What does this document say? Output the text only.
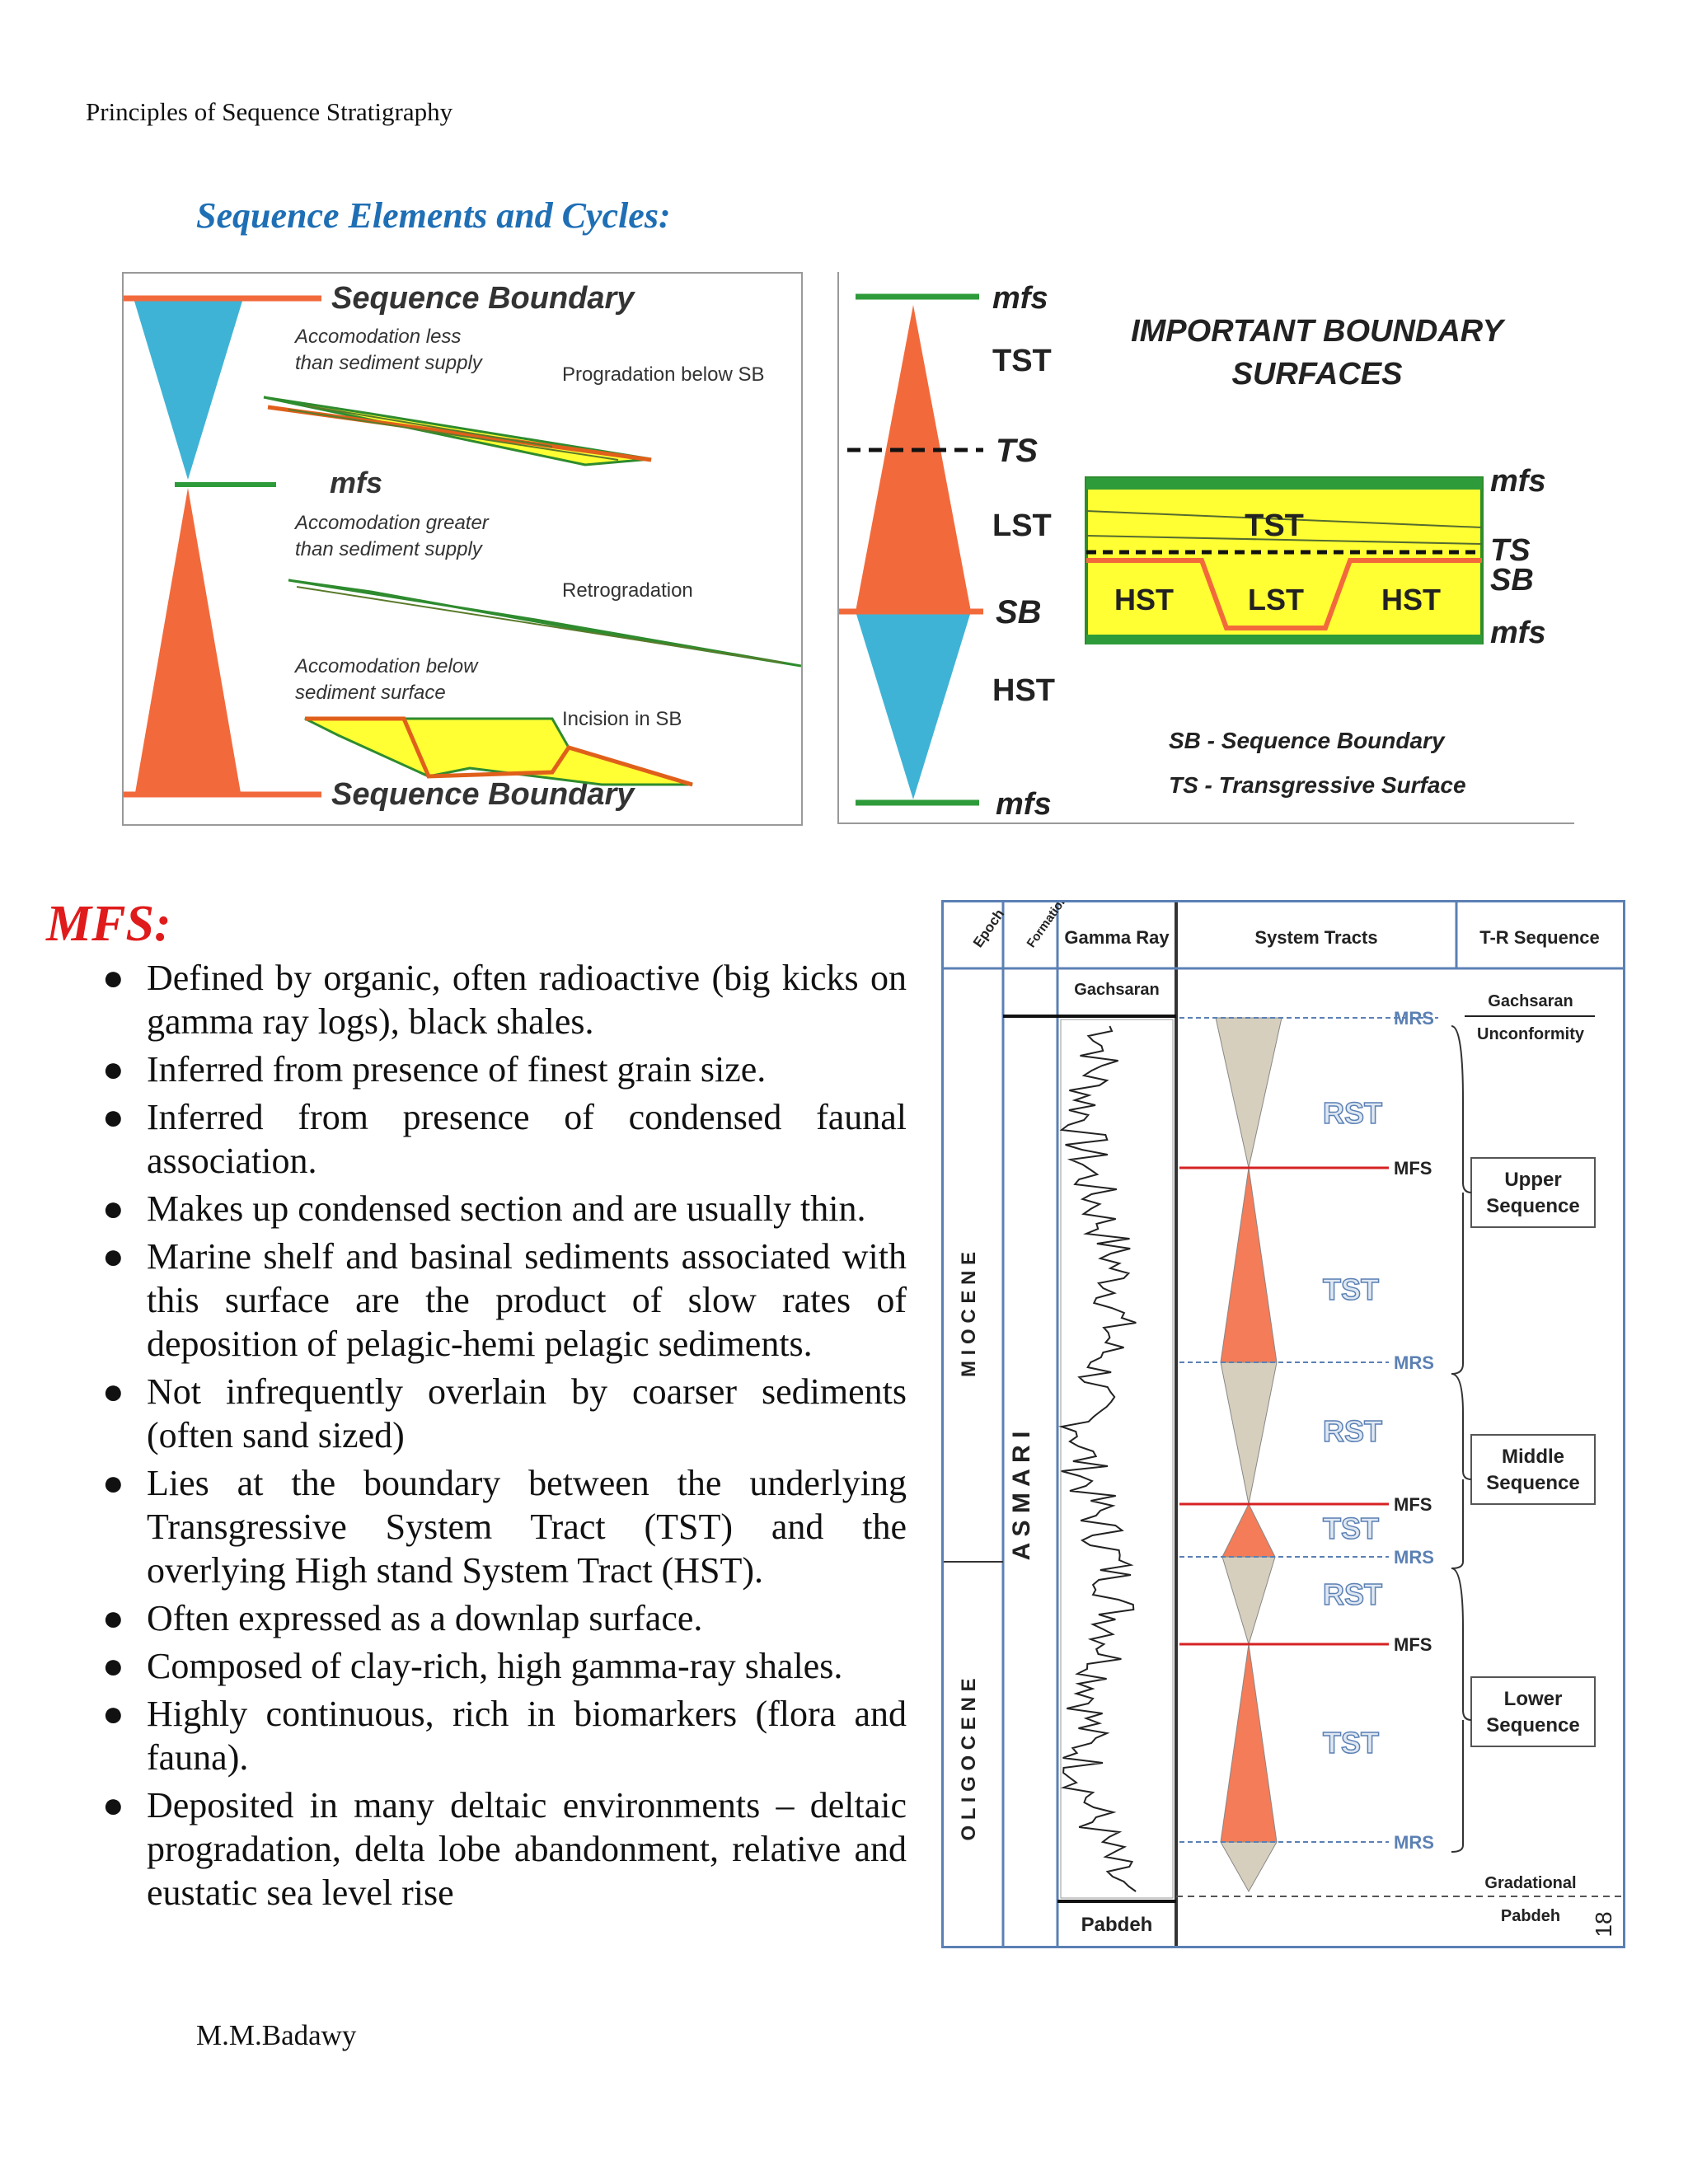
Principles of Sequence Stratigraphy
Sequence Elements and Cycles:
Sequence Boundary
mfs
Sequence Boundary
Accomodation less
than sediment supply
Progradation below SB
Accomodation greater
than sediment supply
Retrogradation
Accomodation below
sediment surface
Incision in SB
mfs
TST
TS
LST
SB
HST
mfs
IMPORTANT BOUNDARY
SURFACES
TST
HST	LST	HST
mfs
TS
SB
mfs
SB - Sequence Boundary
TS - Transgressive Surface
MFS:
● Defined by organic, often radioactive (big kicks on gamma ray logs), black shales.
● Inferred from presence of finest grain size.
● Inferred from presence of condensed faunal association.
● Makes up condensed section and are usually thin.
● Marine shelf and basinal sediments associated with this surface are the product of slow rates of deposition of pelagic-hemi pelagic sediments.
● Not infrequently overlain by coarser sediments (often sand sized)
● Lies at the boundary between the underlying Transgressive System Tract (TST) and the overlying High stand System Tract (HST).
● Often expressed as a downlap surface.
● Composed of clay-rich, high gamma-ray shales.
● Highly continuous, rich in biomarkers (flora and fauna).
● Deposited in many deltaic environments – deltaic progradation, delta lobe abandonment, relative and eustatic sea level rise
Epoch Formation
Gamma Ray	System Tracts	T-R Sequence
Gachsaran
Pabdeh
M I O C E N E
O L I G O C E N E
A S M A R I
MRS
MFS
MRS
MFS
MRS
MFS
MRS
RST
TST
RST
TST
RST
TST
Gachsaran
Unconformity
Upper
Sequence
Middle
Sequence
Lower
Sequence
Gradational
Pabdeh 18
M.M.Badawy
